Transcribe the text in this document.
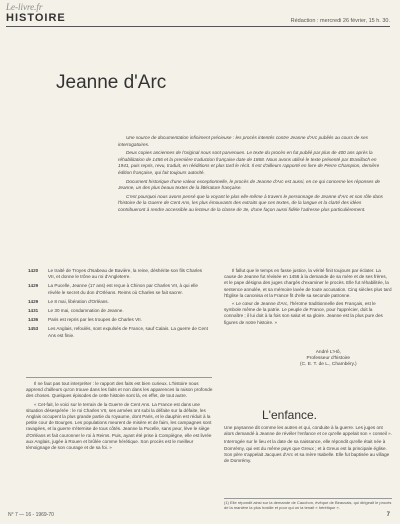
Le-livre.fr
HISTOIRE	Rédaction : mercredi 26 février, 15 h. 30.
Jeanne d'Arc

Une source de documentation infiniment précieuse : les procès intentés contre Jeanne d'Arc publiés au cours de ses interrogatoires.

Deux copies anciennes de l'original nous sont parvenues. Le texte du procès en fut publié par plus de 400 ans après la réhabilitation de 1456 et la première traduction française date de 1868. Nous avons utilisé le texte présenté par Brasillach en 1941, puis repris, revu, traduit, en rééditions et plus tard le récit. Il est d'ailleurs rapporté en livre de Pierre Champion, dernière édition française, qui fait toujours autorité.

Document historique d'une valeur exceptionnelle, le procès de Jeanne d'Arc est aussi, en ce qui concerne les réponses de Jeanne, un des plus beaux textes de la littérature française.

C'est pourquoi nous avons pensé que la voyant le plus elle-même à travers le personnage de Jeanne d'Arc et son rôle dans l'histoire de la Guerre de Cent Ans, les plus émouvants des extraits que ces textes, de la langue et la clarté des idées contribueront à rendre accessible au lecteur de la classe de 3e, d'une façon aussi fidèle l'adresse plus particulièrement.

1420	Le traité de Troyes d'Isabeau de Bavière, la reine, déshérite son fils Charles VII, et donne le trône au roi d'Angleterre.
1429	La Pucelle, Jeanne (17 ans) est reçue à Chinon par Charles VII, à qui elle révèle le secret du don d'Orléans. Reims où Charles se fait sacrer.
1429	Le 8 mai, libération d'Orléans.
1431	Le 30 mai, condamnation de Jeanne.
1436	Paris est repris par les troupes de Charles VII.
1453	Les Anglais, refoulés, sont expulsés de France, sauf Calais. La guerre de Cent Ans est finie.

Il ne faut pas tout interpréter : le rapport des faits est bien curieux. L'histoire nous apprend d'ailleurs qu'on trouve dans les faits et non dans les apparences la raison profonde des choses. Quelques épisodes de cette histoire sont là, en effet, de tout autre.

« Cet-fait, le voici sur le terrain de la Guerre de Cent Ans. La France est dans une situation désespérée : le roi Charles VII, ses armées ont subi la défaite sur la défaite, les Anglais occupent la plus grande partie du royaume, dont Paris, et le dauphin est réduit à la petite cour de Bourges. Les populations meurent de misère et de faim, les campagnes sont ravagées, et la guerre s'éternise de tous côtés. Jeanne la Pucelle, sans peur, lève le siège d'Orléans et fait couronner le roi à Reims. Puis, ayant été prise à Compiègne, elle est livrée aux Anglais, jugée à Rouen et brûlée comme hérétique. Son procès est le meilleur témoignage de son courage et de sa foi. »

Il fallut que le temps en fasse justice, la vérité finit toujours par éclater. La cause de Jeanne fut révisée en 1456 à la demande de sa mère et de ses frères, et le pape désigna des juges chargés d'examiner le procès. Elle fut réhabilitée, la sentence annulée, et sa mémoire lavée de toute accusation. Cinq siècles plus tard l'Église la canonisa et la France fit d'elle sa seconde patronne.

« Le cœur de Jeanne d'Arc, l'héroïne traditionnelle des Français, est le symbole même de la patrie. Le peuple de France, pour l'apprécier, doit la connaître ; il lui doit à la fois son salut et sa gloire. Jeanne est la plus pure des figures de notre histoire. »

André L'Hô,
Professeur d'histoire
(C. E. T. de L., Chambéry.)
L'enfance.

Une paysanne dit comme les autres et qui, conduite à la guerre. Les juges ont alors demandé à Jeanne de révéler l'enfance et ce qu'elle appelait son « conseil ».

Interrogée sur le lieu et la date de sa naissance, elle répondit qu'elle était née à Domrémy, qui est du même pays que Greux ; et à Greux est la principale église. Son père s'appelait Jacques d'Arc et sa mère Isabelle. Elle fut baptisée au village de Domrémy.

(1) Elle répondit ainsi sur la demande de Cauchon, évêque de Beauvais, qui dirigeait le procès de la manière la plus hostile et pour qui on la tenait « hérétique ».
N° 7 — 16 - 1969-70	7
